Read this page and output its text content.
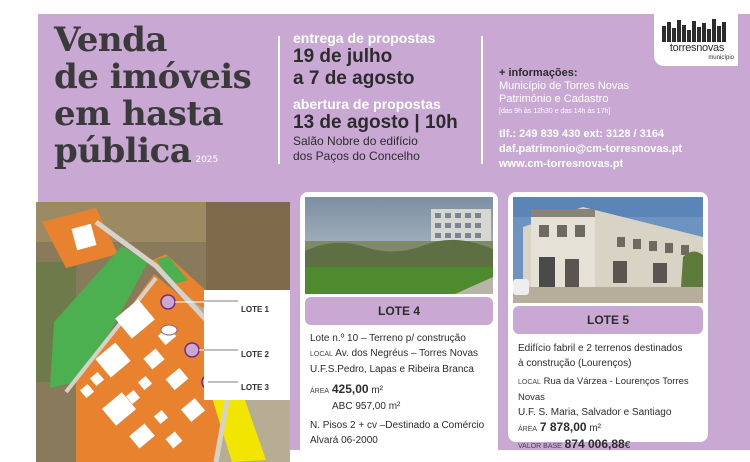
Venda
de imóveis
em hasta
pública 2025
entrega de propostas
19 de julho
a 7 de agosto
abertura de propostas
13 de agosto | 10h
Salão Nobre do edifício
dos Paços do Concelho
+ informações:
Município de Torres Novas
Património e Cadastro
[das 9h às 12h30 e das 14h às 17h]
tlf.: 249 839 430 ext: 3128 / 3164
daf.patrimonio@cm-torresnovas.pt
www.cm-torresnovas.pt
torresnovas
município
LOTE 1
LOTE 2
LOTE 3
LOTE 4
Lote n.º 10 – Terreno p/ construção
LOCAL Av. dos Negréus – Torres Novas
U.F.S.Pedro, Lapas e Ribeira Branca
ÁREA 425,00 m²
ABC 957,00 m²
N. Pisos 2 + cv –Destinado a Comércio
Alvará 06-2000
LOTE 5
Edifício fabril e 2 terrenos destinados
à construção (Lourenços)
LOCAL Rua da Várzea - Lourenços Torres Novas
U.F. S. Maria, Salvador e Santiago
ÁREA 7 878,00 m²
VALOR BASE 874 006,88€
